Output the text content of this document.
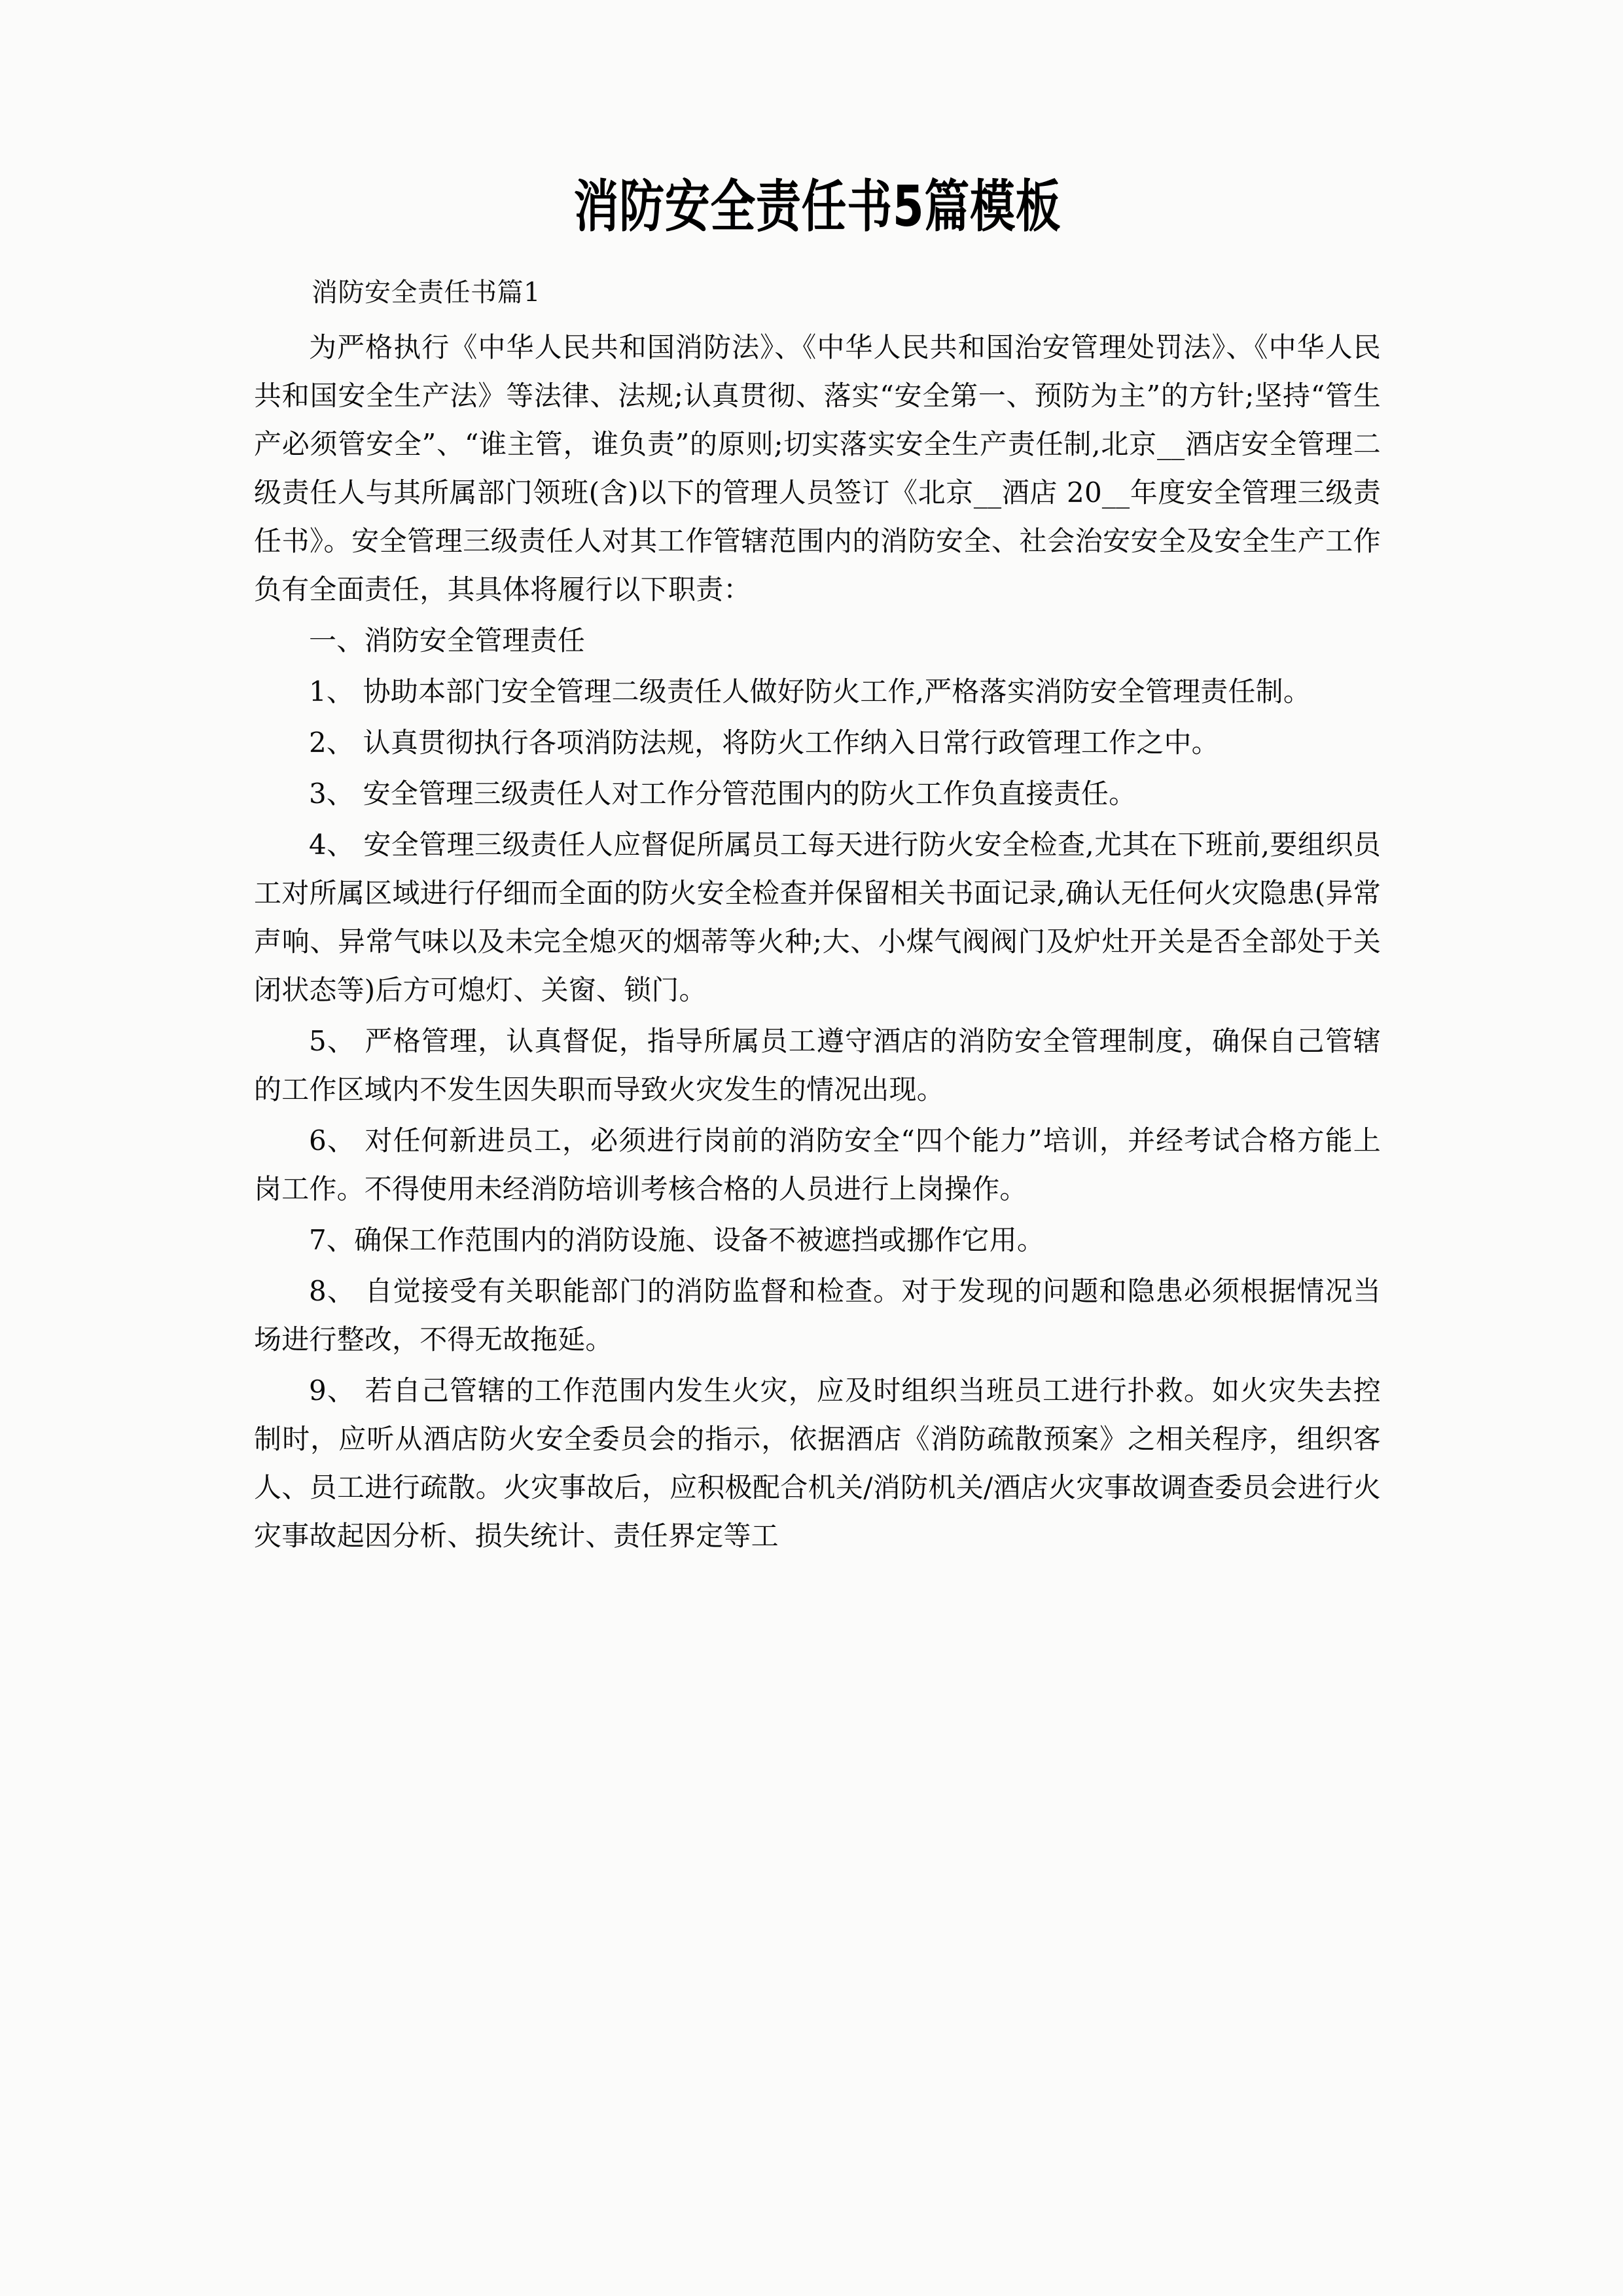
消防安全责任书5篇模板

消防安全责任书篇1

为严格执行《中华人民共和国消防法》、《中华人民共和国治安管理处罚法》、《中华人民共和国安全生产法》等法律、法规;认真贯彻、落实“安全第一、预防为主”的方针;坚持“管生产必须管安全”、“谁主管，谁负责”的原则;切实落实安全生产责任制,北京__酒店安全管理二级责任人与其所属部门领班(含)以下的管理人员签订《北京__酒店 20__年度安全管理三级责任书》。安全管理三级责任人对其工作管辖范围内的消防安全、社会治安安全及安全生产工作负有全面责任，其具体将履行以下职责：

一、消防安全管理责任

1、 协助本部门安全管理二级责任人做好防火工作,严格落实消防安全管理责任制。

2、 认真贯彻执行各项消防法规，将防火工作纳入日常行政管理工作之中。

3、 安全管理三级责任人对工作分管范围内的防火工作负直接责任。

4、 安全管理三级责任人应督促所属员工每天进行防火安全检查,尤其在下班前,要组织员工对所属区域进行仔细而全面的防火安全检查并保留相关书面记录,确认无任何火灾隐患(异常声响、异常气味以及未完全熄灭的烟蒂等火种;大、小煤气阀阀门及炉灶开关是否全部处于关闭状态等)后方可熄灯、关窗、锁门。

5、 严格管理，认真督促，指导所属员工遵守酒店的消防安全管理制度，确保自己管辖的工作区域内不发生因失职而导致火灾发生的情况出现。

6、 对任何新进员工，必须进行岗前的消防安全“四个能力”培训，并经考试合格方能上岗工作。不得使用未经消防培训考核合格的人员进行上岗操作。

7、确保工作范围内的消防设施、设备不被遮挡或挪作它用。

8、 自觉接受有关职能部门的消防监督和检查。对于发现的问题和隐患必须根据情况当场进行整改，不得无故拖延。

9、 若自己管辖的工作范围内发生火灾，应及时组织当班员工进行扑救。如火灾失去控制时，应听从酒店防火安全委员会的指示，依据酒店《消防疏散预案》之相关程序，组织客人、员工进行疏散。火灾事故后，应积极配合机关/消防机关/酒店火灾事故调查委员会进行火灾事故起因分析、损失统计、责任界定等工
